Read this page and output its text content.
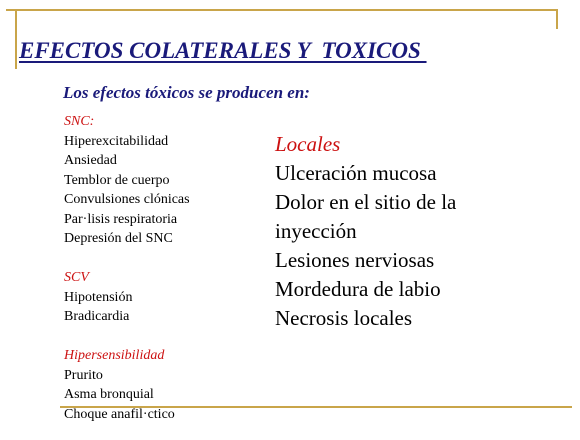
EFECTOS COLATERALES Y  TOXICOS
Los efectos tóxicos se producen en:
SNC:
Hiperexcitabilidad
Ansiedad
Temblor de cuerpo
Convulsiones clónicas
Par·lisis respiratoria
Depresión del SNC
SCV
Hipotensión
Bradicardia
Hipersensibilidad
Prurito
Asma bronquial
Choque anafil·ctico
Locales
Ulceración mucosa
Dolor en el sitio de la
inyección
Lesiones nerviosas
Mordedura de labio
Necrosis locales
